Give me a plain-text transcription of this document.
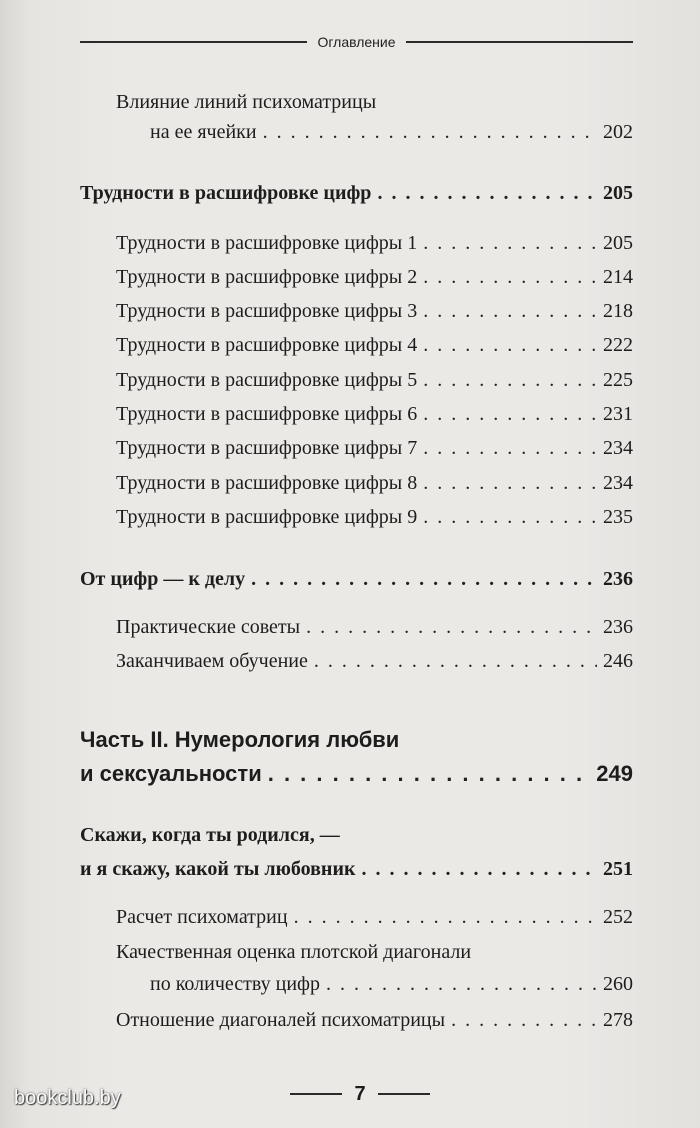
Оглавление
Влияние линий психоматрицы
на ее ячейки . . .	202
Трудности в расшифровке цифр . . .	205
Трудности в расшифровке цифры 1 . . .	205
Трудности в расшифровке цифры 2 . . .	214
Трудности в расшифровке цифры 3 . . .	218
Трудности в расшифровке цифры 4 . . .	222
Трудности в расшифровке цифры 5 . . .	225
Трудности в расшифровке цифры 6 . . .	231
Трудности в расшифровке цифры 7 . . .	234
Трудности в расшифровке цифры 8 . . .	234
Трудности в расшифровке цифры 9 . . .	235
От цифр — к делу . . .	236
Практические советы . . .	236
Заканчиваем обучение . . .	246
Часть II. Нумерология любви
и сексуальности . . .	249
Скажи, когда ты родился, —
и я скажу, какой ты любовник . . .	251
Расчет психоматриц . . .	252
Качественная оценка плотской диагонали
по количеству цифр . . .	260
Отношение диагоналей психоматрицы . . .	278
7
bookclub.by
